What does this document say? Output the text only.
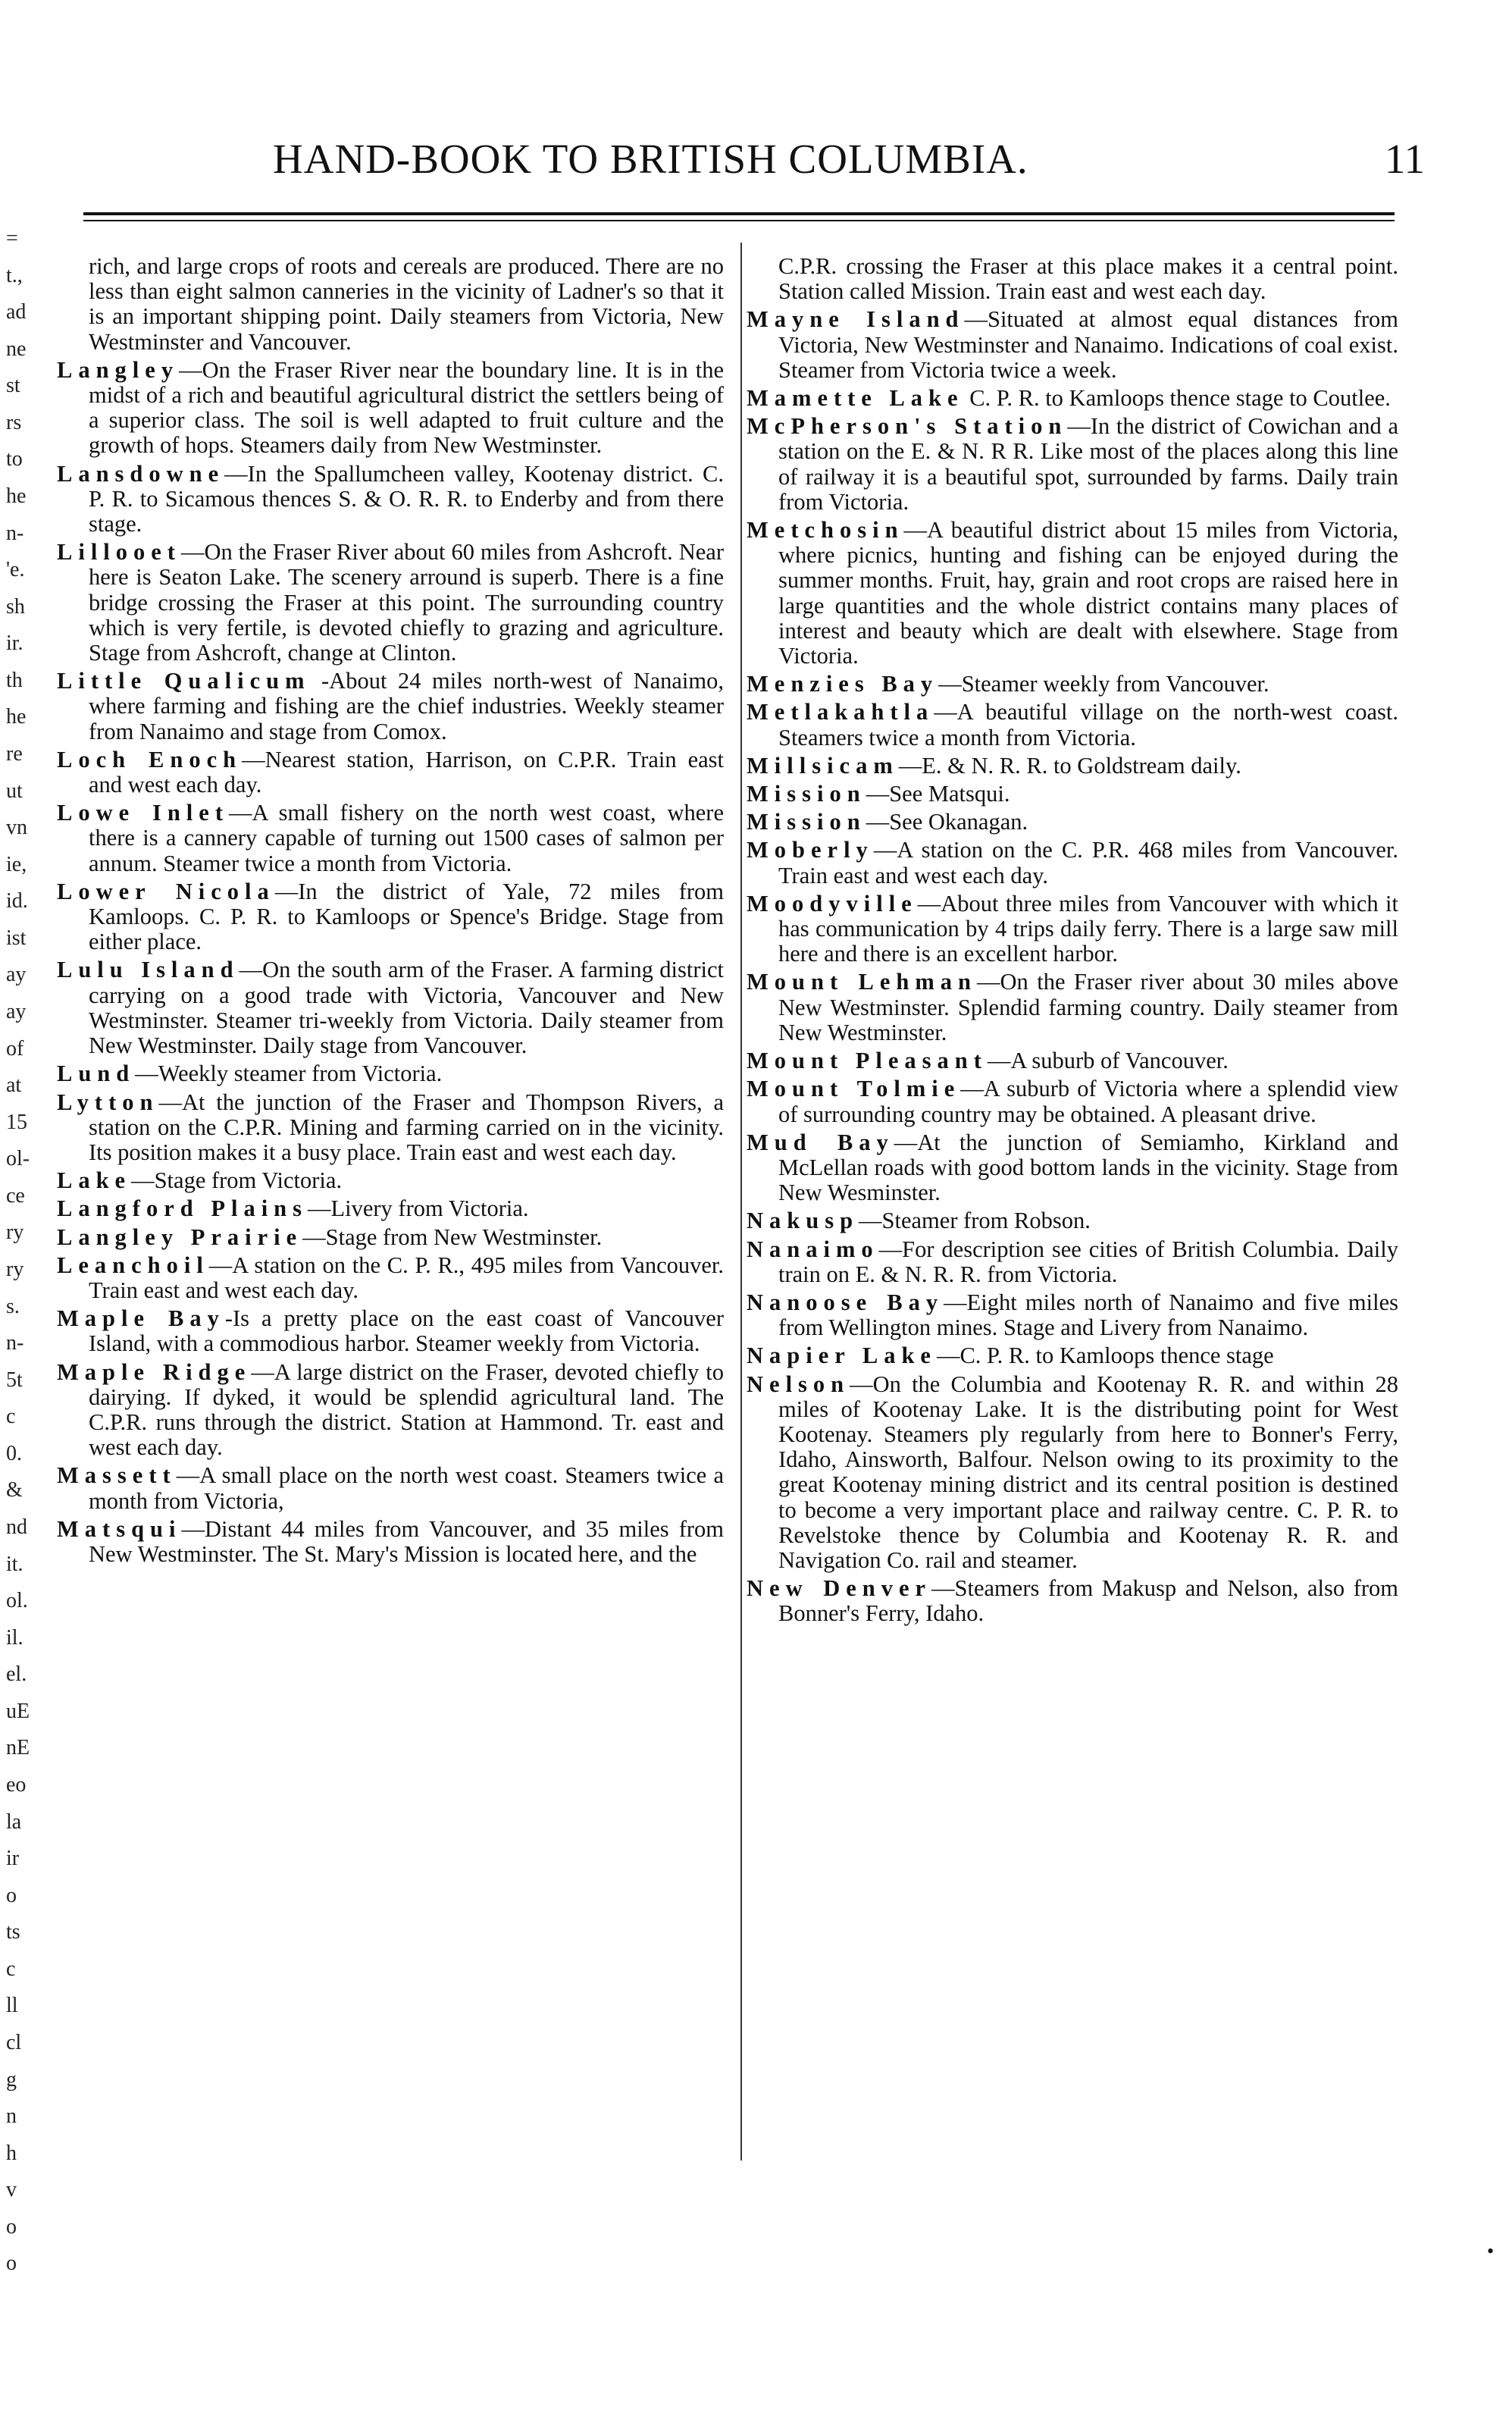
HAND-BOOK TO BRITISH COLUMBIA.	11
=
t.,
ad
ne
st
rs
to
he
n-
'e.
sh
ir.
th
he
re
ut
vn
ie,
id.
ist
ay
ay
of
at
15
ol-
ce
ry
ry
s.
n-
5t
c
0.
&
nd
it.
ol.
il.
el.
uE
nE
eo
la
ir
o
ts
c
ll
cl
g
n
h
v
o
o

rich, and large crops of roots and cereals are produced. There are no less than eight salmon canneries in the vicinity of Ladner's so that it is an important shipping point. Daily steamers from Victoria, New Westminster and Vancouver.

Langley—On the Fraser River near the boundary line. It is in the midst of a rich and beautiful agricultural district the settlers being of a superior class. The soil is well adapted to fruit culture and the growth of hops. Steamers daily from New Westminster.

Lansdowne—In the Spallumcheen valley, Kootenay district. C. P. R. to Sicamous thences S. & O. R. R. to Enderby and from there stage.

Lillooet—On the Fraser River about 60 miles from Ashcroft. Near here is Seaton Lake. The scenery arround is superb. There is a fine bridge crossing the Fraser at this point. The surrounding country which is very fertile, is devoted chiefly to grazing and agriculture. Stage from Ashcroft, change at Clinton.

Little Qualicum -About 24 miles north-west of Nanaimo, where farming and fishing are the chief industries. Weekly steamer from Nanaimo and stage from Comox.

Loch Enoch—Nearest station, Harrison, on C.P.R. Train east and west each day.

Lowe Inlet—A small fishery on the north west coast, where there is a cannery capable of turning out 1500 cases of salmon per annum. Steamer twice a month from Victoria.

Lower Nicola—In the district of Yale, 72 miles from Kamloops. C. P. R. to Kamloops or Spence's Bridge. Stage from either place.

Lulu Island—On the south arm of the Fraser. A farming district carrying on a good trade with Victoria, Vancouver and New Westminster. Steamer tri-weekly from Victoria. Daily steamer from New Westminster. Daily stage from Vancouver.

Lund—Weekly steamer from Victoria.

Lytton—At the junction of the Fraser and Thompson Rivers, a station on the C.P.R. Mining and farming carried on in the vicinity. Its position makes it a busy place. Train east and west each day.

Lake—Stage from Victoria.

Langford Plains—Livery from Victoria.

Langley Prairie—Stage from New Westminster.

Leanchoil—A station on the C. P. R., 495 miles from Vancouver. Train east and west each day.

Maple Bay-Is a pretty place on the east coast of Vancouver Island, with a commodious harbor. Steamer weekly from Victoria.

Maple Ridge—A large district on the Fraser, devoted chiefly to dairying. If dyked, it would be splendid agricultural land. The C.P.R. runs through the district. Station at Hammond. Tr. east and west each day.

Massett—A small place on the north west coast. Steamers twice a month from Victoria,

Matsqui—Distant 44 miles from Vancouver, and 35 miles from New Westminster. The St. Mary's Mission is located here, and the

C.P.R. crossing the Fraser at this place makes it a central point. Station called Mission. Train east and west each day.

Mayne Island—Situated at almost equal distances from Victoria, New Westminster and Nanaimo. Indications of coal exist. Steamer from Victoria twice a week.

Mamette Lake C. P. R. to Kamloops thence stage to Coutlee.

McPherson's Station—In the district of Cowichan and a station on the E. & N. R R. Like most of the places along this line of railway it is a beautiful spot, surrounded by farms. Daily train from Victoria.

Metchosin—A beautiful district about 15 miles from Victoria, where picnics, hunting and fishing can be enjoyed during the summer months. Fruit, hay, grain and root crops are raised here in large quantities and the whole district contains many places of interest and beauty which are dealt with elsewhere. Stage from Victoria.

Menzies Bay—Steamer weekly from Vancouver.

Metlakahtla—A beautiful village on the north-west coast. Steamers twice a month from Victoria.

Millsicam—E. & N. R. R. to Goldstream daily.

Mission—See Matsqui.

Mission—See Okanagan.

Moberly—A station on the C. P.R. 468 miles from Vancouver. Train east and west each day.

Moodyville—About three miles from Vancouver with which it has communication by 4 trips daily ferry. There is a large saw mill here and there is an excellent harbor.

Mount Lehman—On the Fraser river about 30 miles above New Westminster. Splendid farming country. Daily steamer from New Westminster.

Mount Pleasant—A suburb of Vancouver.

Mount Tolmie—A suburb of Victoria where a splendid view of surrounding country may be obtained. A pleasant drive.

Mud Bay—At the junction of Semiamho, Kirkland and McLellan roads with good bottom lands in the vicinity. Stage from New Wesminster.

Nakusp—Steamer from Robson.

Nanaimo—For description see cities of British Columbia. Daily train on E. & N. R. R. from Victoria.

Nanoose Bay—Eight miles north of Nanaimo and five miles from Wellington mines. Stage and Livery from Nanaimo.

Napier Lake—C. P. R. to Kamloops thence stage

Nelson—On the Columbia and Kootenay R. R. and within 28 miles of Kootenay Lake. It is the distributing point for West Kootenay. Steamers ply regularly from here to Bonner's Ferry, Idaho, Ainsworth, Balfour. Nelson owing to its proximity to the great Kootenay mining district and its central position is destined to become a very important place and railway centre. C. P. R. to Revelstoke thence by Columbia and Kootenay R. R. and Navigation Co. rail and steamer.

New Denver—Steamers from Makusp and Nelson, also from Bonner's Ferry, Idaho.

•
